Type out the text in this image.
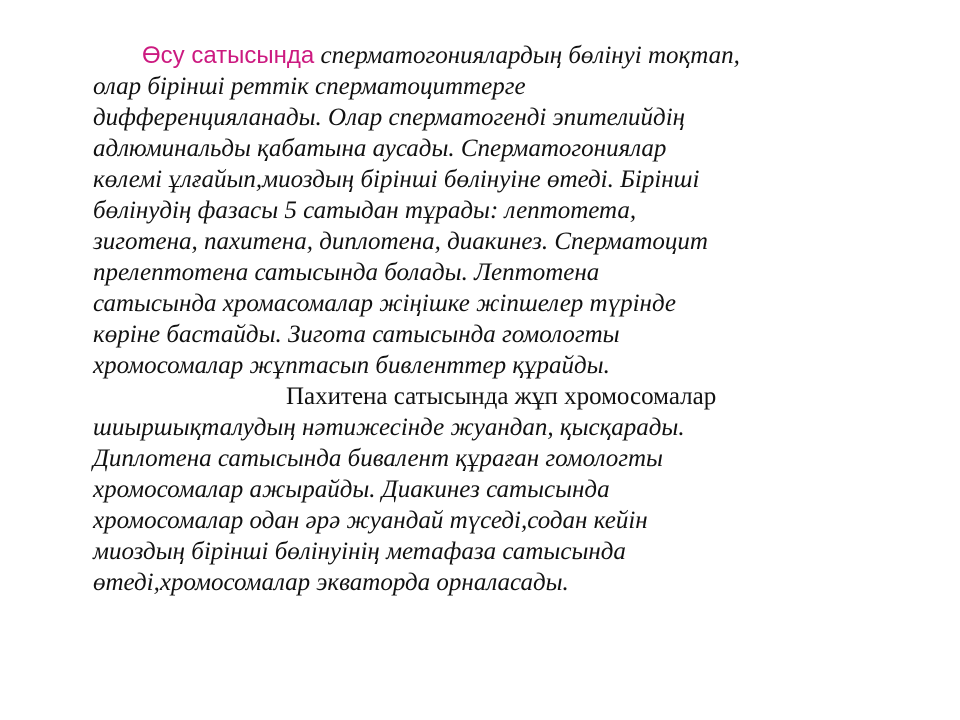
Өсу сатысында сперматогониялардың бөлінуі тоқтап,
олар бірінші реттік сперматоциттерге
дифференцияланады. Олар сперматогенді эпителийдің
адлюминальды қабатына аусады. Сперматогониялар
көлемі ұлғайып,миоздың бірінші бөлінуіне өтеді. Бірінші
бөлінудің фазасы 5 сатыдан тұрады: лептотета,
зиготена, пахитена, диплотена, диакинез. Сперматоцит
прелептотена сатысында болады. Лептотена
сатысында хромасомалар жіңішке жіпшелер түрінде
көріне бастайды. Зигота сатысында гомологты
хромосомалар жұптасып бивленттер құрайды.
Пахитена сатысында жұп хромосомалар
шиыршықталудың нәтижесінде жуандап, қысқарады.
Диплотена сатысында бивалент құраған гомологты
хромосомалар ажырайды. Диакинез сатысында
хромосомалар одан әрә жуандай түседі,содан кейін
миоздың бірінші бөлінуінің метафаза сатысында
өтеді,хромосомалар экваторда орналасады.
